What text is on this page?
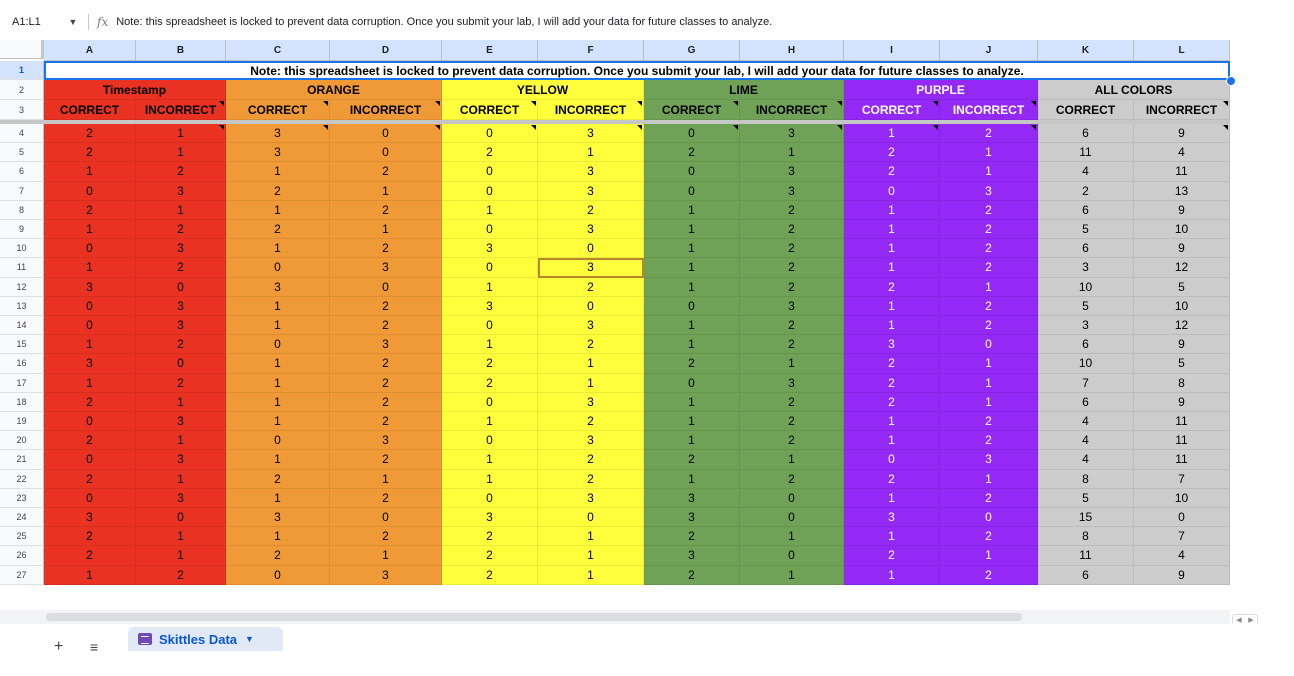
A1:L1	▼	fx Note: this spreadsheet is locked to prevent data corruption. Once you submit your lab, I will add your data for future classes to analyze.
A	B	C	D	E	F	G	H	I	J	K	L
1
2
3
4
5
6
7
8
9
10
11
12
13
14
15
16
17
18
19
20
21
22
23
24
25
26
27
Timestamp	ORANGE	YELLOW	LIME	PURPLE	ALL COLORS
CORRECT INCORRECT	CORRECT	INCORRECT	CORRECT	INCORRECT	CORRECT	INCORRECT	CORRECT	INCORRECT	CORRECT	INCORRECT
2	1	3	0	0	3	0	3	1	2	6	9
2	1	3	0	2	1	2	1	2	1	11	4
1	2	1	2	0	3	0	3	2	1	4	11
0	3	2	1	0	3	0	3	0	3	2	13
2	1	1	2	1	2	1	2	1	2	6	9
1	2	2	1	0	3	1	2	1	2	5	10
0	3	1	2	3	0	1	2	1	2	6	9
1	2	0	3	0	3	1	2	1	2	3	12
3	0	3	0	1	2	1	2	2	1	10	5
0	3	1	2	3	0	0	3	1	2	5	10
0	3	1	2	0	3	1	2	1	2	3	12
1	2	0	3	1	2	1	2	3	0	6	9
3	0	1	2	2	1	2	1	2	1	10	5
1	2	1	2	2	1	0	3	2	1	7	8
2	1	1	2	0	3	1	2	2	1	6	9
0	3	1	2	1	2	1	2	1	2	4	11
2	1	0	3	0	3	1	2	1	2	4	11
0	3	1	2	1	2	2	1	0	3	4	11
2	1	2	1	1	2	1	2	2	1	8	7
0	3	1	2	0	3	3	0	1	2	5	10
3	0	3	0	3	0	3	0	3	0	15	0
2	1	1	2	2	1	2	1	1	2	8	7
2	1	2	1	2	1	3	0	2	1	11	4
1	2	0	3	2	1	2	1	1	2	6	9
◀ ▶
+ ≡	Skittles Data ▼
Note: this spreadsheet is locked to prevent data corruption. Once you submit your lab, I will add your data for future classes to analyze.
